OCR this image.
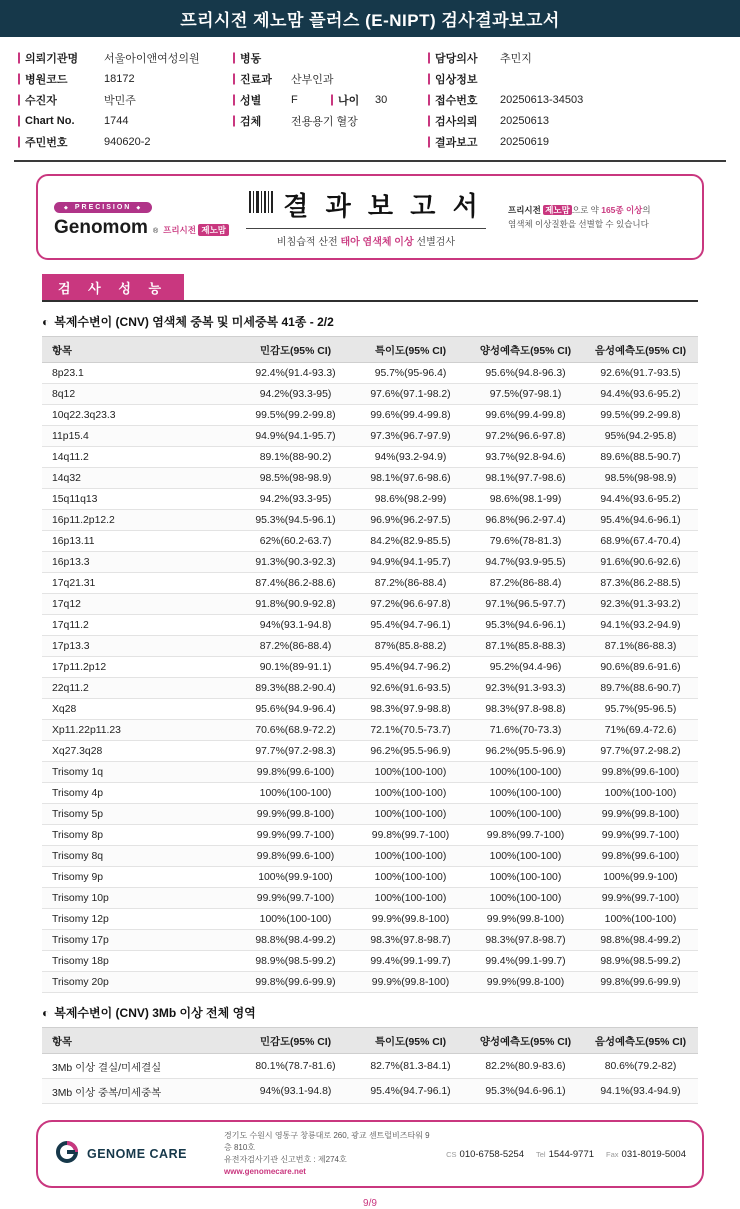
프리시전 제노맘 플러스 (E-NIPT) 검사결과보고서
의뢰기관명	서울아이앤여성의원
병원코드	18172
수진자	박민주
Chart No.	1744
주민번호	940620-2
병동
진료과	산부인과
성별	F	나이	30
검체	전용용기 혈장
담당의사	추민지
임상정보
접수번호	20250613-34503
검사의뢰	20250613
결과보고	20250619
◆ PRECISION ◆
Genomom $_®$ 프리시전 제노맘
결 과 보 고 서
비침습적 산전 태아 염색체 이상 선별검사
프리시전 제노맘 으로 약 165종 이상의
염색체 이상질환을 선별할 수 있습니다
검 사 성 능
◐ 복제수변이 (CNV) 염색체 중복 및 미세중복 41종 - 2/2
항목	민감도(95% CI)	특이도(95% CI)	양성예측도(95% CI)	음성예측도(95% CI)
8p23.1	92.4%(91.4-93.3)	95.7%(95-96.4)	95.6%(94.8-96.3)	92.6%(91.7-93.5)
8q12	94.2%(93.3-95)	97.6%(97.1-98.2)	97.5%(97-98.1)	94.4%(93.6-95.2)
10q22.3q23.3	99.5%(99.2-99.8)	99.6%(99.4-99.8)	99.6%(99.4-99.8)	99.5%(99.2-99.8)
11p15.4	94.9%(94.1-95.7)	97.3%(96.7-97.9)	97.2%(96.6-97.8)	95%(94.2-95.8)
14q11.2	89.1%(88-90.2)	94%(93.2-94.9)	93.7%(92.8-94.6)	89.6%(88.5-90.7)
14q32	98.5%(98-98.9)	98.1%(97.6-98.6)	98.1%(97.7-98.6)	98.5%(98-98.9)
15q11q13	94.2%(93.3-95)	98.6%(98.2-99)	98.6%(98.1-99)	94.4%(93.6-95.2)
16p11.2p12.2	95.3%(94.5-96.1)	96.9%(96.2-97.5)	96.8%(96.2-97.4)	95.4%(94.6-96.1)
16p13.11	62%(60.2-63.7)	84.2%(82.9-85.5)	79.6%(78-81.3)	68.9%(67.4-70.4)
16p13.3	91.3%(90.3-92.3)	94.9%(94.1-95.7)	94.7%(93.9-95.5)	91.6%(90.6-92.6)
17q21.31	87.4%(86.2-88.6)	87.2%(86-88.4)	87.2%(86-88.4)	87.3%(86.2-88.5)
17q12	91.8%(90.9-92.8)	97.2%(96.6-97.8)	97.1%(96.5-97.7)	92.3%(91.3-93.2)
17q11.2	94%(93.1-94.8)	95.4%(94.7-96.1)	95.3%(94.6-96.1)	94.1%(93.2-94.9)
17p13.3	87.2%(86-88.4)	87%(85.8-88.2)	87.1%(85.8-88.3)	87.1%(86-88.3)
17p11.2p12	90.1%(89-91.1)	95.4%(94.7-96.2)	95.2%(94.4-96)	90.6%(89.6-91.6)
22q11.2	89.3%(88.2-90.4)	92.6%(91.6-93.5)	92.3%(91.3-93.3)	89.7%(88.6-90.7)
Xq28	95.6%(94.9-96.4)	98.3%(97.9-98.8)	98.3%(97.8-98.8)	95.7%(95-96.5)
Xp11.22p11.23	70.6%(68.9-72.2)	72.1%(70.5-73.7)	71.6%(70-73.3)	71%(69.4-72.6)
Xq27.3q28	97.7%(97.2-98.3)	96.2%(95.5-96.9)	96.2%(95.5-96.9)	97.7%(97.2-98.2)
Trisomy 1q	99.8%(99.6-100)	100%(100-100)	100%(100-100)	99.8%(99.6-100)
Trisomy 4p	100%(100-100)	100%(100-100)	100%(100-100)	100%(100-100)
Trisomy 5p	99.9%(99.8-100)	100%(100-100)	100%(100-100)	99.9%(99.8-100)
Trisomy 8p	99.9%(99.7-100)	99.8%(99.7-100)	99.8%(99.7-100)	99.9%(99.7-100)
Trisomy 8q	99.8%(99.6-100)	100%(100-100)	100%(100-100)	99.8%(99.6-100)
Trisomy 9p	100%(99.9-100)	100%(100-100)	100%(100-100)	100%(99.9-100)
Trisomy 10p	99.9%(99.7-100)	100%(100-100)	100%(100-100)	99.9%(99.7-100)
Trisomy 12p	100%(100-100)	99.9%(99.8-100)	99.9%(99.8-100)	100%(100-100)
Trisomy 17p	98.8%(98.4-99.2)	98.3%(97.8-98.7)	98.3%(97.8-98.7)	98.8%(98.4-99.2)
Trisomy 18p	98.9%(98.5-99.2)	99.4%(99.1-99.7)	99.4%(99.1-99.7)	98.9%(98.5-99.2)
Trisomy 20p	99.8%(99.6-99.9)	99.9%(99.8-100)	99.9%(99.8-100)	99.8%(99.6-99.9)
◐ 복제수변이 (CNV) 3Mb 이상 전체 영역
항목	민감도(95% CI)	특이도(95% CI)	양성예측도(95% CI)	음성예측도(95% CI)
3Mb 이상 결실/미세결실	80.1%(78.7-81.6)	82.7%(81.3-84.1)	82.2%(80.9-83.6)	80.6%(79.2-82)
3Mb 이상 중복/미세중복	94%(93.1-94.8)	95.4%(94.7-96.1)	95.3%(94.6-96.1)	94.1%(93.4-94.9)
GENOME CARE
경기도 수원시 영통구 창룡대로 260, 광교 센트럴비즈타워 9층 810호
유전자검사기관 신고번호 : 제274호
www.genomecare.net
CS 010-6758-5254 Tel 1544-9771 Fax 031-8019-5004
9/9
